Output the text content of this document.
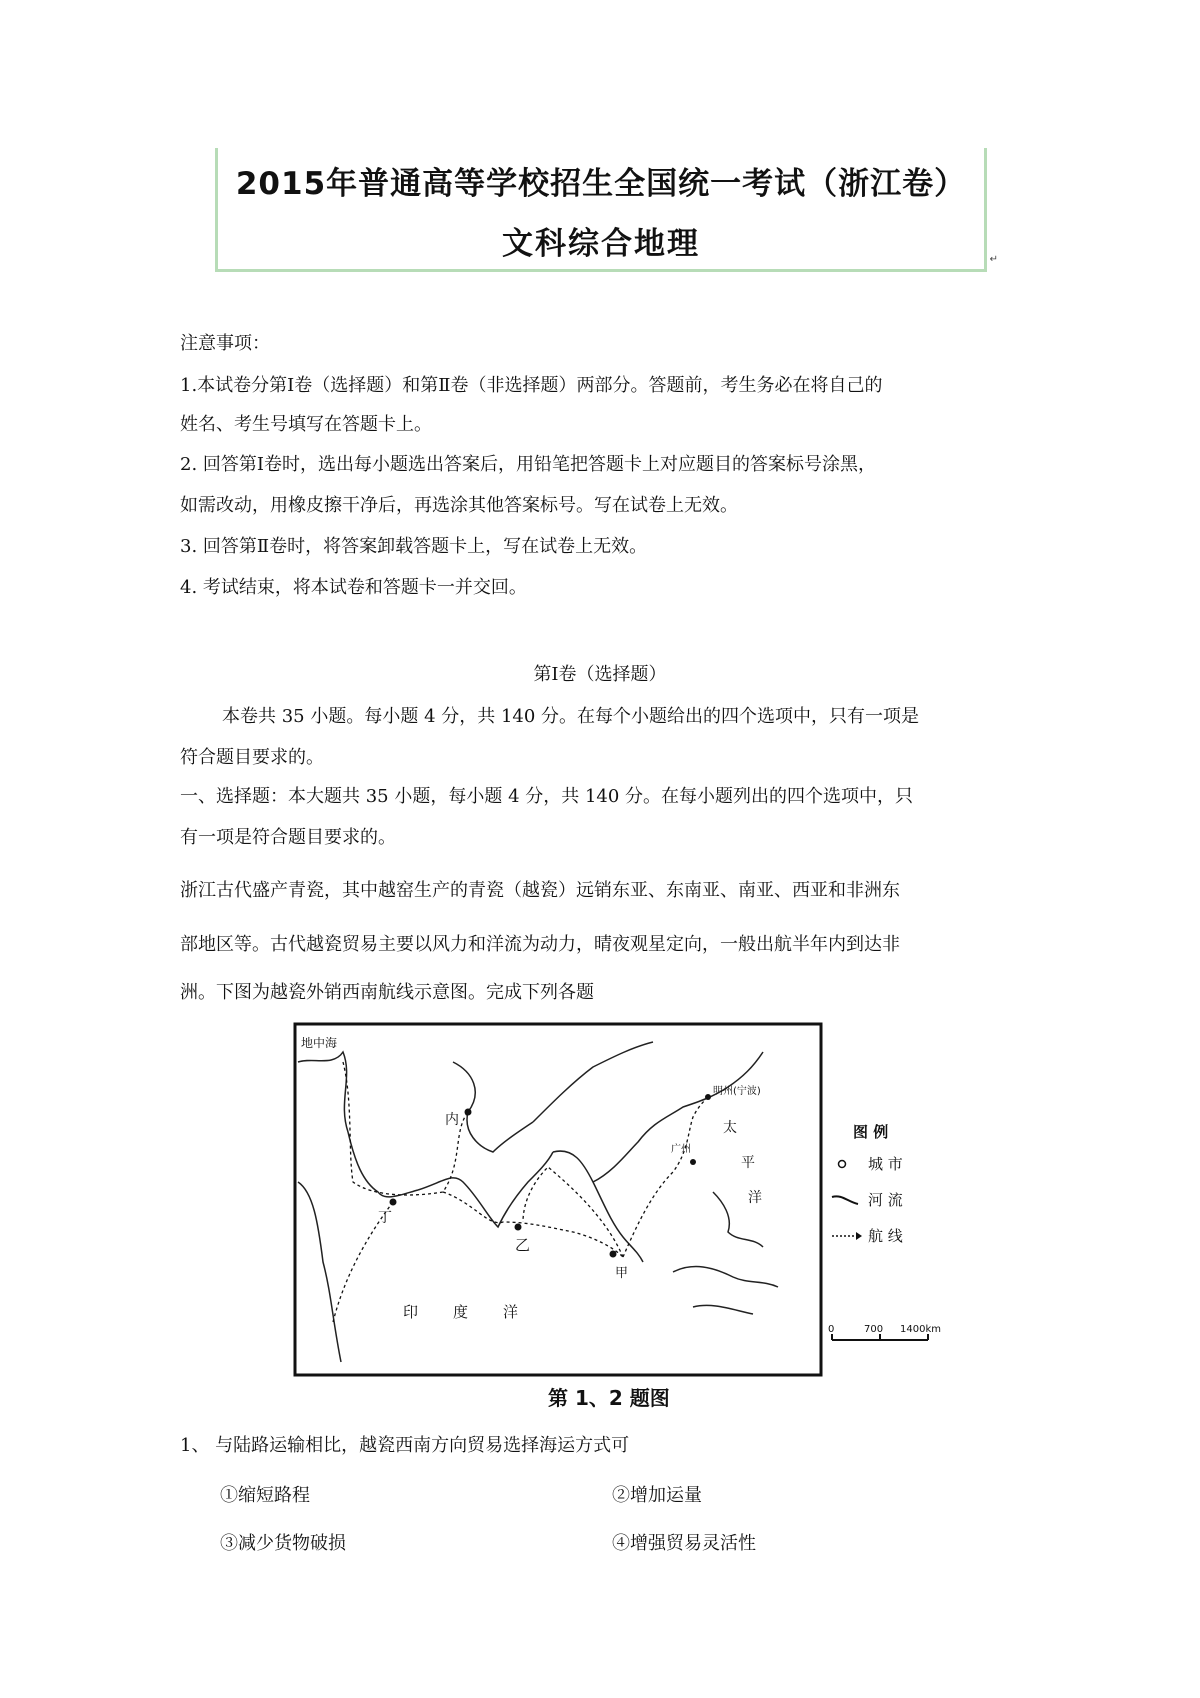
2015年普通高等学校招生全国统一考试（浙江卷）
文科综合地理	↵
注意事项：
1.本试卷分第Ⅰ卷（选择题）和第Ⅱ卷（非选择题）两部分。答题前，考生务必在将自己的
姓名、考生号填写在答题卡上。
2. 回答第Ⅰ卷时，选出每小题选出答案后，用铅笔把答题卡上对应题目的答案标号涂黑，
如需改动，用橡皮擦干净后，再选涂其他答案标号。写在试卷上无效。
3. 回答第Ⅱ卷时，将答案卸载答题卡上，写在试卷上无效。
4. 考试结束，将本试卷和答题卡一并交回。
第Ⅰ卷（选择题）
本卷共 35 小题。每小题 4 分，共 140 分。在每个小题给出的四个选项中，只有一项是
符合题目要求的。
一、选择题：本大题共 35 小题，每小题 4 分，共 140 分。在每小题列出的四个选项中，只
有一项是符合题目要求的。
浙江古代盛产青瓷，其中越窑生产的青瓷（越瓷）远销东亚、东南亚、南亚、西亚和非洲东
部地区等。古代越瓷贸易主要以风力和洋流为动力，晴夜观星定向，一般出航半年内到达非
洲。下图为越瓷外销西南航线示意图。完成下列各题
地中海
明州(宁波)
广州
太
平
洋
印 度 洋
内
丁
乙
甲
图 例
城 市
河 流
航 线
0	700 1400km
第 1、2 题图
1、 与陆路运输相比，越瓷西南方向贸易选择海运方式可
①缩短路程	②增加运量
③减少货物破损	④增强贸易灵活性
